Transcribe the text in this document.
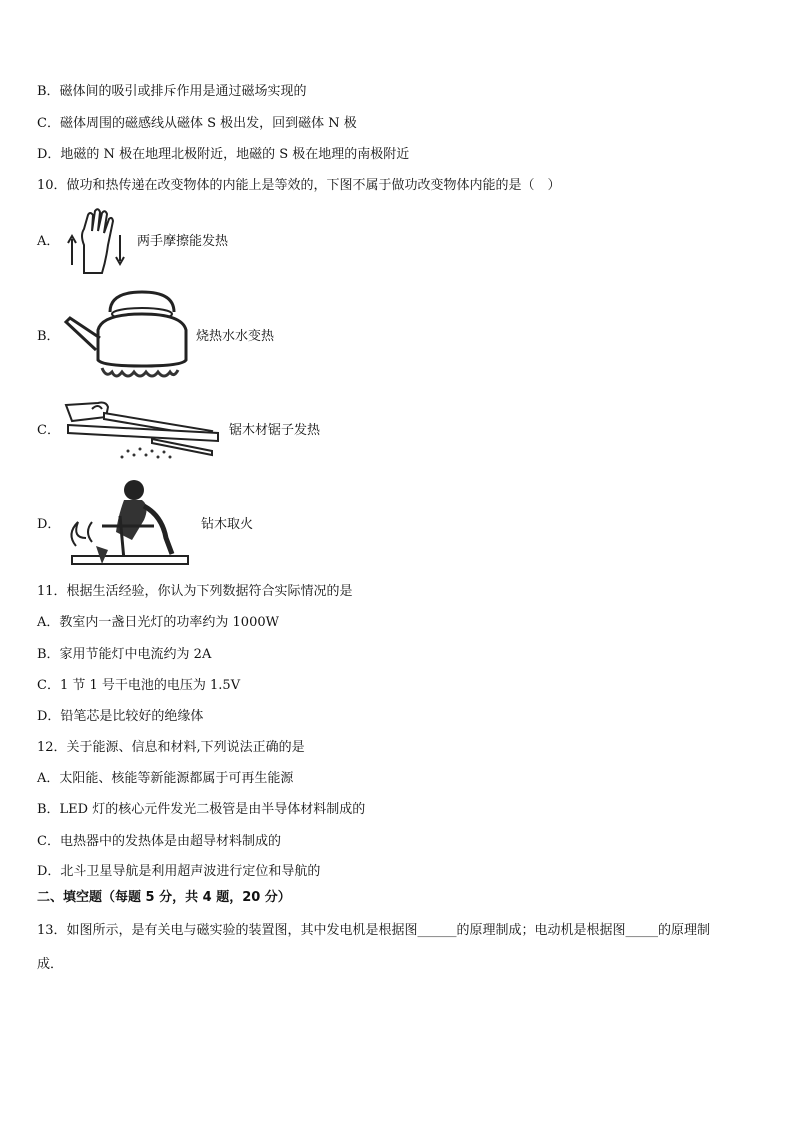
B．磁体间的吸引或排斥作用是通过磁场实现的
C．磁体周围的磁感线从磁体 S 极出发，回到磁体 N 极
D．地磁的 N 极在地理北极附近，地磁的 S 极在地理的南极附近
10．做功和热传递在改变物体的内能上是等效的，下图不属于做功改变物体内能的是（　）
A．	两手摩擦能发热
B．	烧热水水变热
C．	锯木材锯子发热
D．	钻木取火
11．根据生活经验，你认为下列数据符合实际情况的是
A．教室内一盏日光灯的功率约为 1000W
B．家用节能灯中电流约为 2A
C．1 节 1 号干电池的电压为 1.5V
D．铅笔芯是比较好的绝缘体
12．关于能源、信息和材料,下列说法正确的是
A．太阳能、核能等新能源都属于可再生能源
B．LED 灯的核心元件发光二极管是由半导体材料制成的
C．电热器中的发热体是由超导材料制成的
D．北斗卫星导航是利用超声波进行定位和导航的
二、填空题（每题 5 分，共 4 题，20 分）
13．如图所示，是有关电与磁实验的装置图，其中发电机是根据图______的原理制成；电动机是根据图_____的原理制
成．
